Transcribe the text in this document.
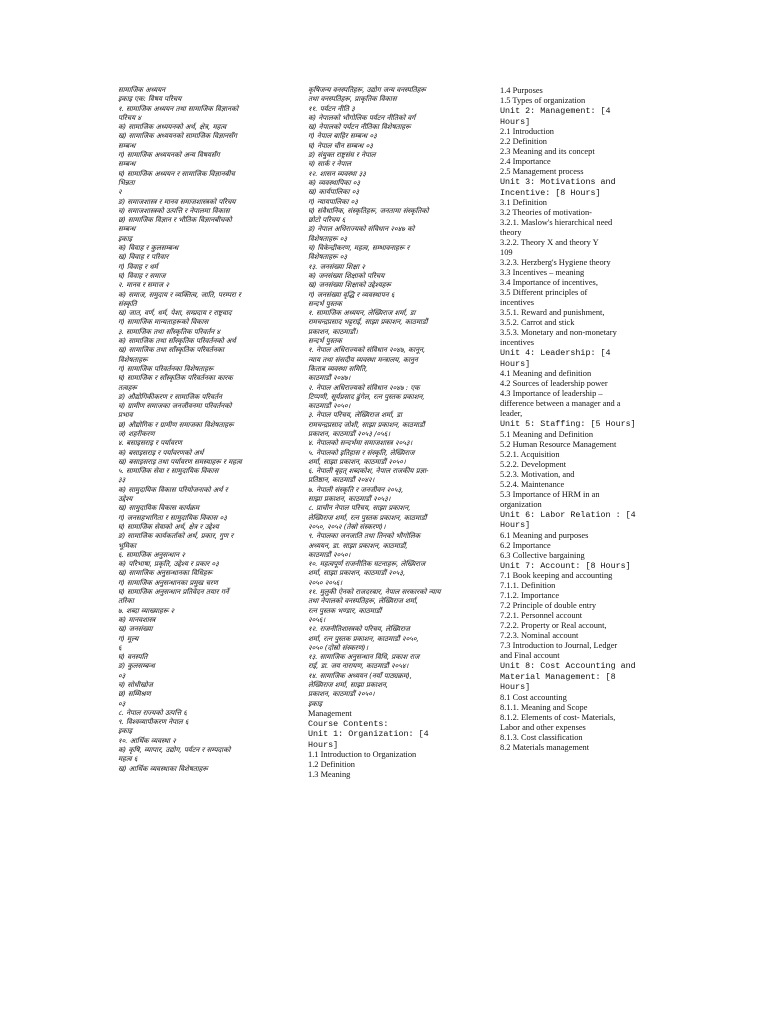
सामाजिक अध्ययन
इकाइ एक: विषय परिचय
१. सामाजिक अध्ययन तथा सामाजिक विज्ञानको
परिचय ४
क) सामाजिक अध्ययनको अर्थ, क्षेत्र, महत्व
ख) सामाजिक अध्ययनको सामाजिक विज्ञानसँग
सम्बन्ध
ग) सामाजिक अध्ययनको अन्य विषयसँग
सम्बन्ध
घ) सामाजिक अध्ययन र सामाजिक विज्ञानबीच
भिन्नता
२
ङ) समाजशास्त्र र मानव समाजशास्त्रको परिचय
च) समाजशास्त्रको उत्पत्ति र नेपालमा विकास
छ) सामाजिक विज्ञान र भौतिक विज्ञानबीचको
सम्बन्ध
इकाइ
क) विवाह र कुलसम्बन्ध
ख) विवाह र परिवार
ग) विवाह र धर्म
घ) विवाह र समाज
२. मानव र समाज २
क) समाज, समुदाय र व्यक्तित्व, जाति, परम्परा र
संस्कृति
ख) जात, वर्ण, धर्म, पेशा, सम्प्रदाय र राष्ट्रवाद
ग) सामाजिक मान्यताहरूको विकास
३. सामाजिक तथा साँस्कृतिक परिवर्तन ४
क) सामाजिक तथा साँस्कृतिक परिवर्तनको अर्थ
ख) सामाजिक तथा साँस्कृतिक परिवर्तनका
विशेषताहरू
ग) सामाजिक परिवर्तनका विशेषताहरू
घ) सामाजिक र साँस्कृतिक परिवर्तनका कारक
तत्वहरू
ङ) औद्योगिकीकरण र सामाजिक परिवर्तन
च) ग्रामीण समाजका जनजीवनमा परिवर्तनको
प्रभाव
छ) औद्योगिक र ग्रामीण समाजका विशेषताहरू
ज) शहरीकरण
४. बसाइसराइ र पर्यावरण
क) बसाइसराइ र पर्यावरणको अर्थ
ख) बसाइसराइ तथा पर्यावरण समस्याहरू र महत्व
५. सामाजिक सेवा र सामुदायिक विकास
३३
क) सामुदायिक विकास परियोजनाको अर्थ र
उद्देश्य
ख) सामुदायिक विकास कार्यक्रम
ग) जनसहभागिता र सामुदायिक विकास ०३
घ) सामाजिक सेवाको अर्थ, क्षेत्र र उद्देश्य
ङ) सामाजिक कार्यकर्ताको अर्थ, प्रकार, गुण र
भूमिका
६. सामाजिक अनुसन्धान २
क) परिभाषा, प्रकृति, उद्देश्य र प्रकार ०३
ख) सामाजिक अनुसन्धानका विधिहरू
ग) सामाजिक अनुसन्धानका प्रमुख चरण
घ) सामाजिक अनुसन्धान प्रतिवेदन तयार गर्ने
तरिका
७. शब्दा व्याख्याहरू २
क) मानवशास्त्र
ख) जनसंख्या
ग) मूल्य
६
घ) वनस्पति
ङ) कुलसम्बन्ध
०३
च) सोधीखोज
छ) सम्मिश्रण
०३
८. नेपाल राज्यको उत्पत्ति ६
९. विश्वव्यापीकरण नेपाल ६
इकाइ
१०. आर्थिक व्यवस्था २
क) कृषि, व्यापार, उद्योग, पर्यटन र सम्पदाको
महत्व ६
ख) आर्थिक व्यवस्थाका विशेषताहरू
कृषिजन्य वनस्पतिहरू, उद्योग जन्य वनस्पतिहरू
तथा वनस्पतिहरू, प्राकृतिक विकास
११. पर्यटन नीति ३
क) नेपालको भौगोलिक पर्यटन नीतिको वर्ग
ख) नेपालको पर्यटन नीतिका विशेषताहरू
ग) नेपाल बाहिर सम्बन्ध ०३
घ) नेपाल चीन सम्बन्ध ०३
ङ) संयुक्त राष्ट्रसंघ र नेपाल
च) सार्क र नेपाल
१२. शासन व्यवस्था ३३
क) व्यवस्थापिका ०३
ख) कार्यपालिका ०३
ग) न्यायपालिका ०३
घ) संवैधानिक, संस्कृतिहरू, जनतामा संस्कृतिको
छोटो परिचय ६
ङ) नेपाल अधिराज्यको संविधान २०४७ को
विशेषताहरू ०३
च) विकेन्द्रीकरण, महत्व, सम्भावनाहरू र
विशेषताहरू ०३
१३. जनसंख्या शिक्षा २
क) जनसंख्या शिक्षाको परिचय
ख) जनसंख्या शिक्षाको उद्देश्यहरू
ग) जनसंख्या वृद्धि र व्यवस्थापन ६
सन्दर्भ पुस्तक
१. सामाजिक अध्ययन, लेख्यिराज शर्मा, डा
रामचन्द्रप्रसाद भट्टराई, साझा प्रकाशन, काठमाडौं
प्रकाशन, काठमाडौं।
सन्दर्भ पुस्तक
१. नेपाल अधिराज्यको संविधान २०४७, कानून,
न्याय तथा संसदीय व्यवस्था मन्त्रालय, कानुन
किताब व्यवस्था समिति,
काठमाडौं २०४७।
२. नेपाल अधिराज्यको संविधान २०४७ : एक
टिप्पणी, सूर्यप्रसाद ढुंगेल, रत्न पुस्तक प्रकाशन,
काठमाडौं २०५०।
३. नेपाल परिचय, लेख्यिराज शर्मा, डा
रामचन्द्रप्रसाद जोशी, साझा प्रकाशन, काठमाडौं
प्रकाशन, काठमाडौं २०५३ /०५६।
४. नेपालको सन्दर्भमा समाजशास्त्र २०५३।
५. नेपालको इतिहास र संस्कृति, लेख्यिराज
शर्मा, साझा प्रकाशन, काठमाडौं २०५०।
६. नेपाली बृहत् शब्दकोश, नेपाल राजकीय प्रज्ञा-
प्रतिष्ठान, काठमाडौं २०४२।
७. नेपाली संस्कृति र जनजीवन २०५३,
साझा प्रकाशन, काठमाडौं २०५३।
८. प्राचीन नेपाल परिचय, साझा प्रकाशन,
लेख्यिराज शर्मा, रत्न पुस्तक प्रकाशन, काठमाडौं
२०५०, २०५२ (तेस्रो संस्करण)।
९. नेपालका जनजाति तथा तिनको भौगोलिक
अध्ययन, डा. साझा प्रकाशन, काठमाडौं,
काठमाडौं २०५०।
१०. महत्वपूर्ण राजनीतिक घटनाहरू, लेख्यिराज
शर्मा, साझा प्रकाशन, काठमाडौं २०५३,
२०५० २०५६।
११. मुलुकी ऐनको राजदरबार, नेपाल सरकारको न्याय
तथा नेपालको वनस्पतिहरू, लेख्यिराज शर्मा,
रत्न पुस्तक भण्डार, काठमाडौं
२०५६।
१२. राजनीतिशास्त्रको परिचय, लेख्यिराज
शर्मा, रत्न पुस्तक प्रकाशन, काठमाडौं २०५०,
२०५० (दोस्रो संस्करण)।
१३. सामाजिक अनुसन्धान विधि, प्रकाश राज
राई, डा. जय नारायण, काठमाडौं २०५४।
१४. सामाजिक अध्ययन (नयाँ पाठ्यक्रम),
लेख्यिराज शर्मा, साझा प्रकाशन,
प्रकाशन, काठमाडौं २०५०।
इकाइ
Management
Course Contents:
Unit 1: Organization: [4
Hours]
1.1 Introduction to Organization
1.2 Definition
1.3 Meaning
1.4 Purposes
1.5 Types of organization
Unit 2: Management: [4
Hours]
2.1 Introduction
2.2 Definition
2.3 Meaning and its concept
2.4 Importance
2.5 Management process
Unit 3: Motivations and
Incentive: [8 Hours]
3.1 Definition
3.2 Theories of motivation-
3.2.1. Maslow's hierarchical need
theory
3.2.2. Theory X and theory Y
109
3.2.3. Herzberg's Hygiene theory
3.3 Incentives – meaning
3.4 Importance of incentives,
3.5 Different principles of
incentives
3.5.1. Reward and punishment,
3.5.2. Carrot and stick
3.5.3. Monetary and non-monetary
incentives
Unit 4: Leadership: [4
Hours]
4.1 Meaning and definition
4.2 Sources of leadership power
4.3 Importance of leadership –
difference between a manager and a
leader,
Unit 5: Staffing: [5 Hours]
5.1 Meaning and Definition
5.2 Human Resource Management
5.2.1. Acquisition
5.2.2. Development
5.2.3. Motivation, and
5.2.4. Maintenance
5.3 Importance of HRM in an
organization
Unit 6: Labor Relation : [4
Hours]
6.1 Meaning and purposes
6.2 Importance
6.3 Collective bargaining
Unit 7: Account: [8 Hours]
7.1 Book keeping and accounting
7.1.1. Definition
7.1.2. Importance
7.2 Principle of double entry
7.2.1. Personnel account
7.2.2. Property or Real account,
7.2.3. Nominal account
7.3 Introduction to Journal, Ledger
and Final account
Unit 8: Cost Accounting and
Material Management: [8
Hours]
8.1 Cost accounting
8.1.1. Meaning and Scope
8.1.2. Elements of cost- Materials,
Labor and other expenses
8.1.3. Cost classification
8.2 Materials management
